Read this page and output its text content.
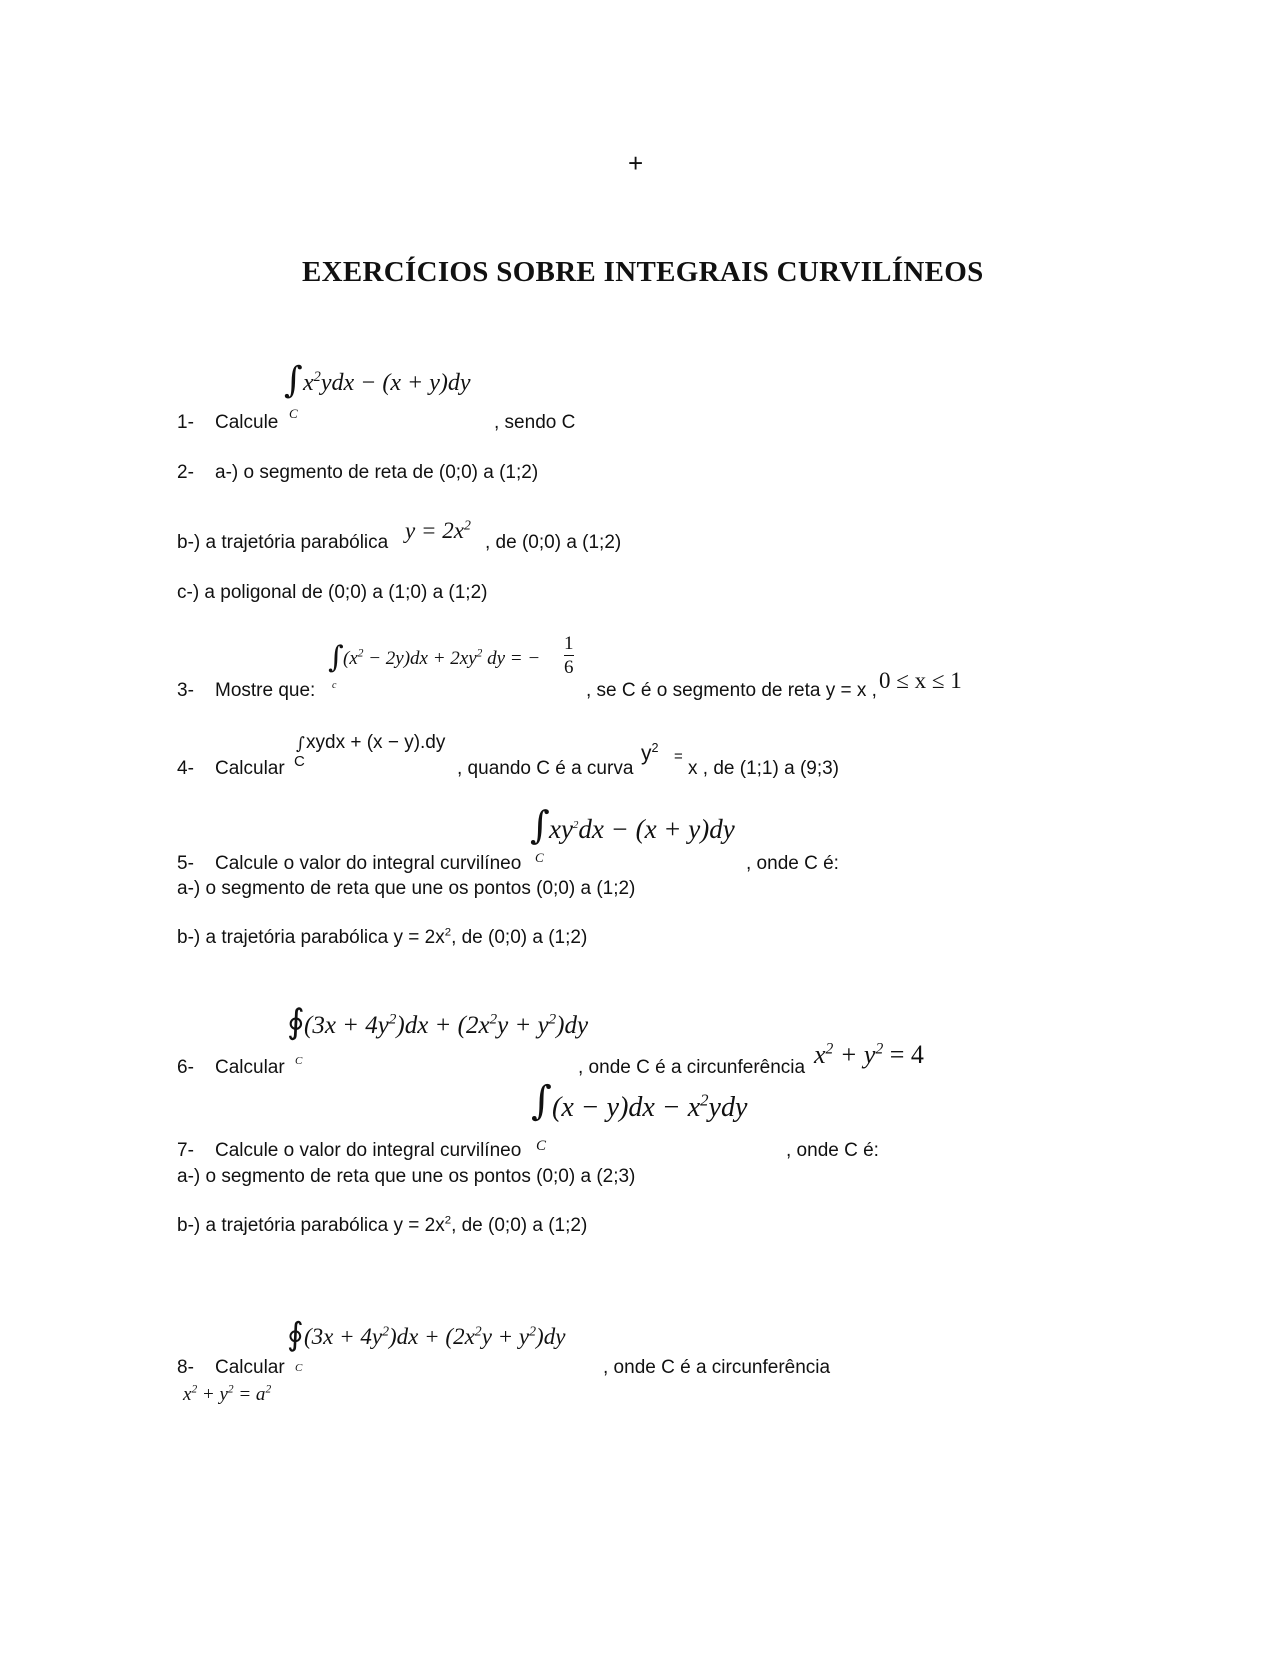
+
EXERCÍCIOS SOBRE INTEGRAIS CURVILÍNEOS
1- Calcule
∫
C
$x^2ydx - (x + y)dy$
, sendo C
2- a-) o segmento de reta de (0;0) a (1;2)
b-) a trajetória parabólica $y = 2x^2$
, de (0;0) a (1;2)
c-) a poligonal de (0;0) a (1;0) a (1;2)
3- Mostre que:
∫
c
$(x^2 - 2y)dx + 2xy^2$ dy = − $\frac{1}{6}$
, se C é o segmento de reta y = x , 0 ≤ x ≤ 1
4- Calcular
∫ xydx + (x − y).dy
C	, quando C é a curva
$y^2$ =
x , de (1;1) a (9;3)
∫
C
$xy^2dx - (x + y)dy$
5- Calcule o valor do integral curvilíneo	, onde C é:
a-) o segmento de reta que une os pontos (0;0) a (1;2)
b-) a trajetória parabólica $y = 2x^2$, de (0;0) a (1;2)
∮
C
$(3x + 4y^2)dx + (2x^2y + y^2)dy$
6- Calcular	, onde C é a circunferência $x^2 + y^2 = 4$
∫
C
$(x - y)dx - x^2ydy$
7- Calcule o valor do integral curvilíneo	, onde C é:
a-) o segmento de reta que une os pontos (0;0) a (2;3)
b-) a trajetória parabólica $y = 2x^2$, de (0;0) a (1;2)
∮
C
$(3x + 4y^2)dx + (2x^2y + y^2)dy$
8- Calcular	, onde C é a circunferência
$x^2 + y^2 = a^2$
